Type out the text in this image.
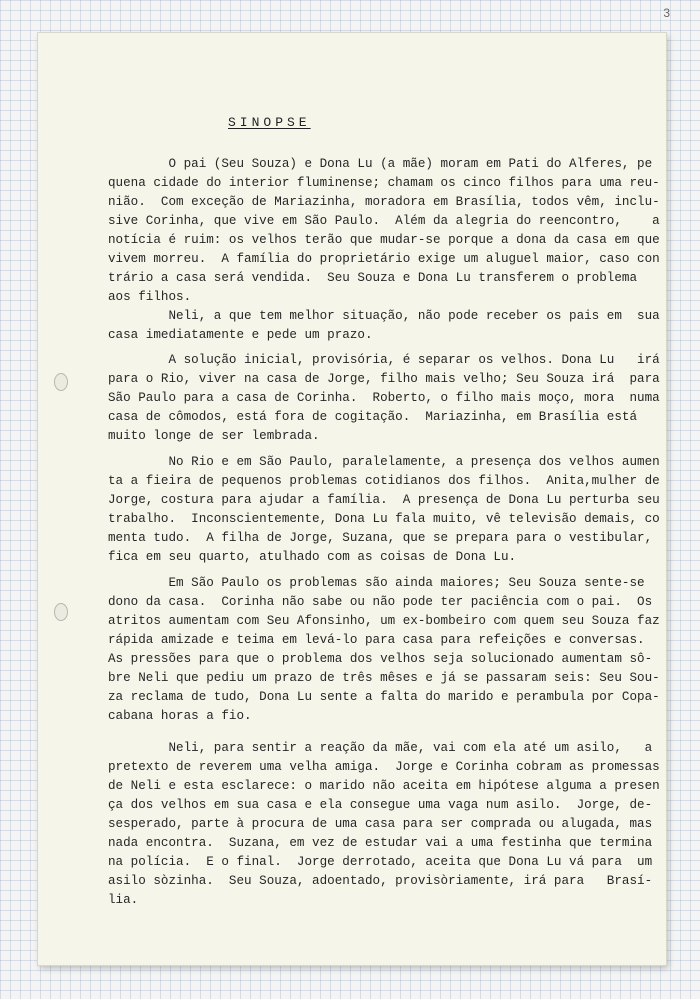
3
SINOPSE
O pai (Seu Souza) e Dona Lu (a mãe) moram em Pati do Alferes, pe
quena cidade do interior fluminense; chamam os cinco filhos para uma reu-
nião.  Com exceção de Mariazinha, moradora em Brasília, todos vêm, inclu-
sive Corinha, que vive em São Paulo.  Além da alegria do reencontro,    a
notícia é ruim: os velhos terão que mudar-se porque a dona da casa em que
vivem morreu.  A família do proprietário exige um aluguel maior, caso con
trário a casa será vendida.  Seu Souza e Dona Lu transferem o problema
aos filhos.
Neli, a que tem melhor situação, não pode receber os pais em  sua
casa imediatamente e pede um prazo.
A solução inicial, provisória, é separar os velhos. Dona Lu   irá
para o Rio, viver na casa de Jorge, filho mais velho; Seu Souza irá  para
São Paulo para a casa de Corinha.  Roberto, o filho mais moço, mora  numa
casa de cômodos, está fora de cogitação.  Mariazinha, em Brasília está
muito longe de ser lembrada.
No Rio e em São Paulo, paralelamente, a presença dos velhos aumen
ta a fieira de pequenos problemas cotidianos dos filhos.  Anita,mulher de
Jorge, costura para ajudar a família.  A presença de Dona Lu perturba seu
trabalho.  Inconscientemente, Dona Lu fala muito, vê televisão demais, co
menta tudo.  A filha de Jorge, Suzana, que se prepara para o vestibular,
fica em seu quarto, atulhado com as coisas de Dona Lu.
Em São Paulo os problemas são ainda maiores; Seu Souza sente-se
dono da casa.  Corinha não sabe ou não pode ter paciência com o pai.  Os
atritos aumentam com Seu Afonsinho, um ex-bombeiro com quem seu Souza faz
rápida amizade e teima em levá-lo para casa para refeições e conversas.
As pressões para que o problema dos velhos seja solucionado aumentam sô-
bre Neli que pediu um prazo de três mêses e já se passaram seis: Seu Sou-
za reclama de tudo, Dona Lu sente a falta do marido e perambula por Copa-
cabana horas a fio.
Neli, para sentir a reação da mãe, vai com ela até um asilo,   a
pretexto de reverem uma velha amiga.  Jorge e Corinha cobram as promessas
de Neli e esta esclarece: o marido não aceita em hipótese alguma a presen
ça dos velhos em sua casa e ela consegue uma vaga num asilo.  Jorge, de-
sesperado, parte à procura de uma casa para ser comprada ou alugada, mas
nada encontra.  Suzana, em vez de estudar vai a uma festinha que termina
na polícia.  E o final.  Jorge derrotado, aceita que Dona Lu vá para  um
asilo sòzinha.  Seu Souza, adoentado, provisòriamente, irá para   Brasí-
lia.
